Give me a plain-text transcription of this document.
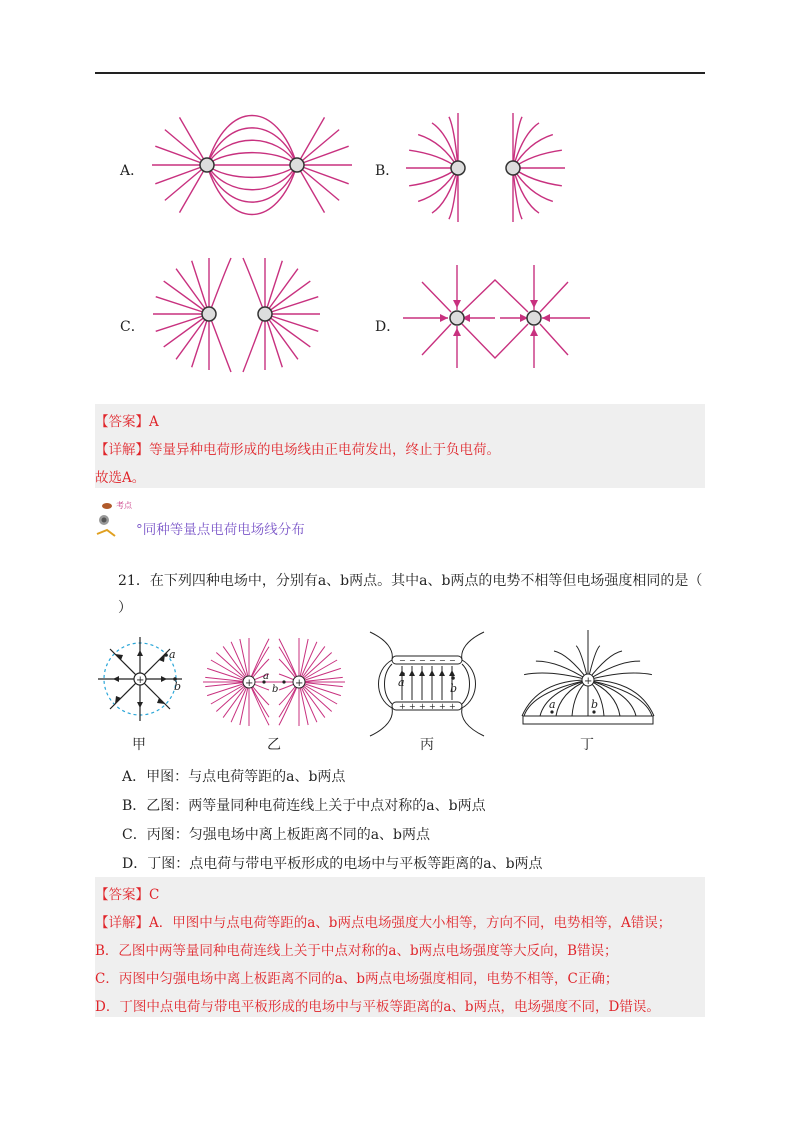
A．	B．
C．	D．
【答案】A
【详解】等量异种电荷形成的电场线由正电荷发出，终止于负电荷。
故选A。
考点
°同种等量点电荷电场线分布
21．在下列四种电场中，分别有a、b两点。其中a、b两点的电势不相等但电场强度相同的是（
）
+
a
b
甲
+	+
a
b
乙
−
+
−
+
−
+
−
+
−
+
−
+
a	b
丙
+
a	b
丁
A．甲图：与点电荷等距的a、b两点
B．乙图：两等量同种电荷连线上关于中点对称的a、b两点
C．丙图：匀强电场中离上板距离不同的a、b两点
D．丁图：点电荷与带电平板形成的电场中与平板等距离的a、b两点
【答案】C
【详解】A．甲图中与点电荷等距的a、b两点电场强度大小相等，方向不同，电势相等，A错误；
B．乙图中两等量同种电荷连线上关于中点对称的a、b两点电场强度等大反向，B错误；
C．丙图中匀强电场中离上板距离不同的a、b两点电场强度相同，电势不相等，C正确；
D．丁图中点电荷与带电平板形成的电场中与平板等距离的a、b两点，电场强度不同，D错误。
